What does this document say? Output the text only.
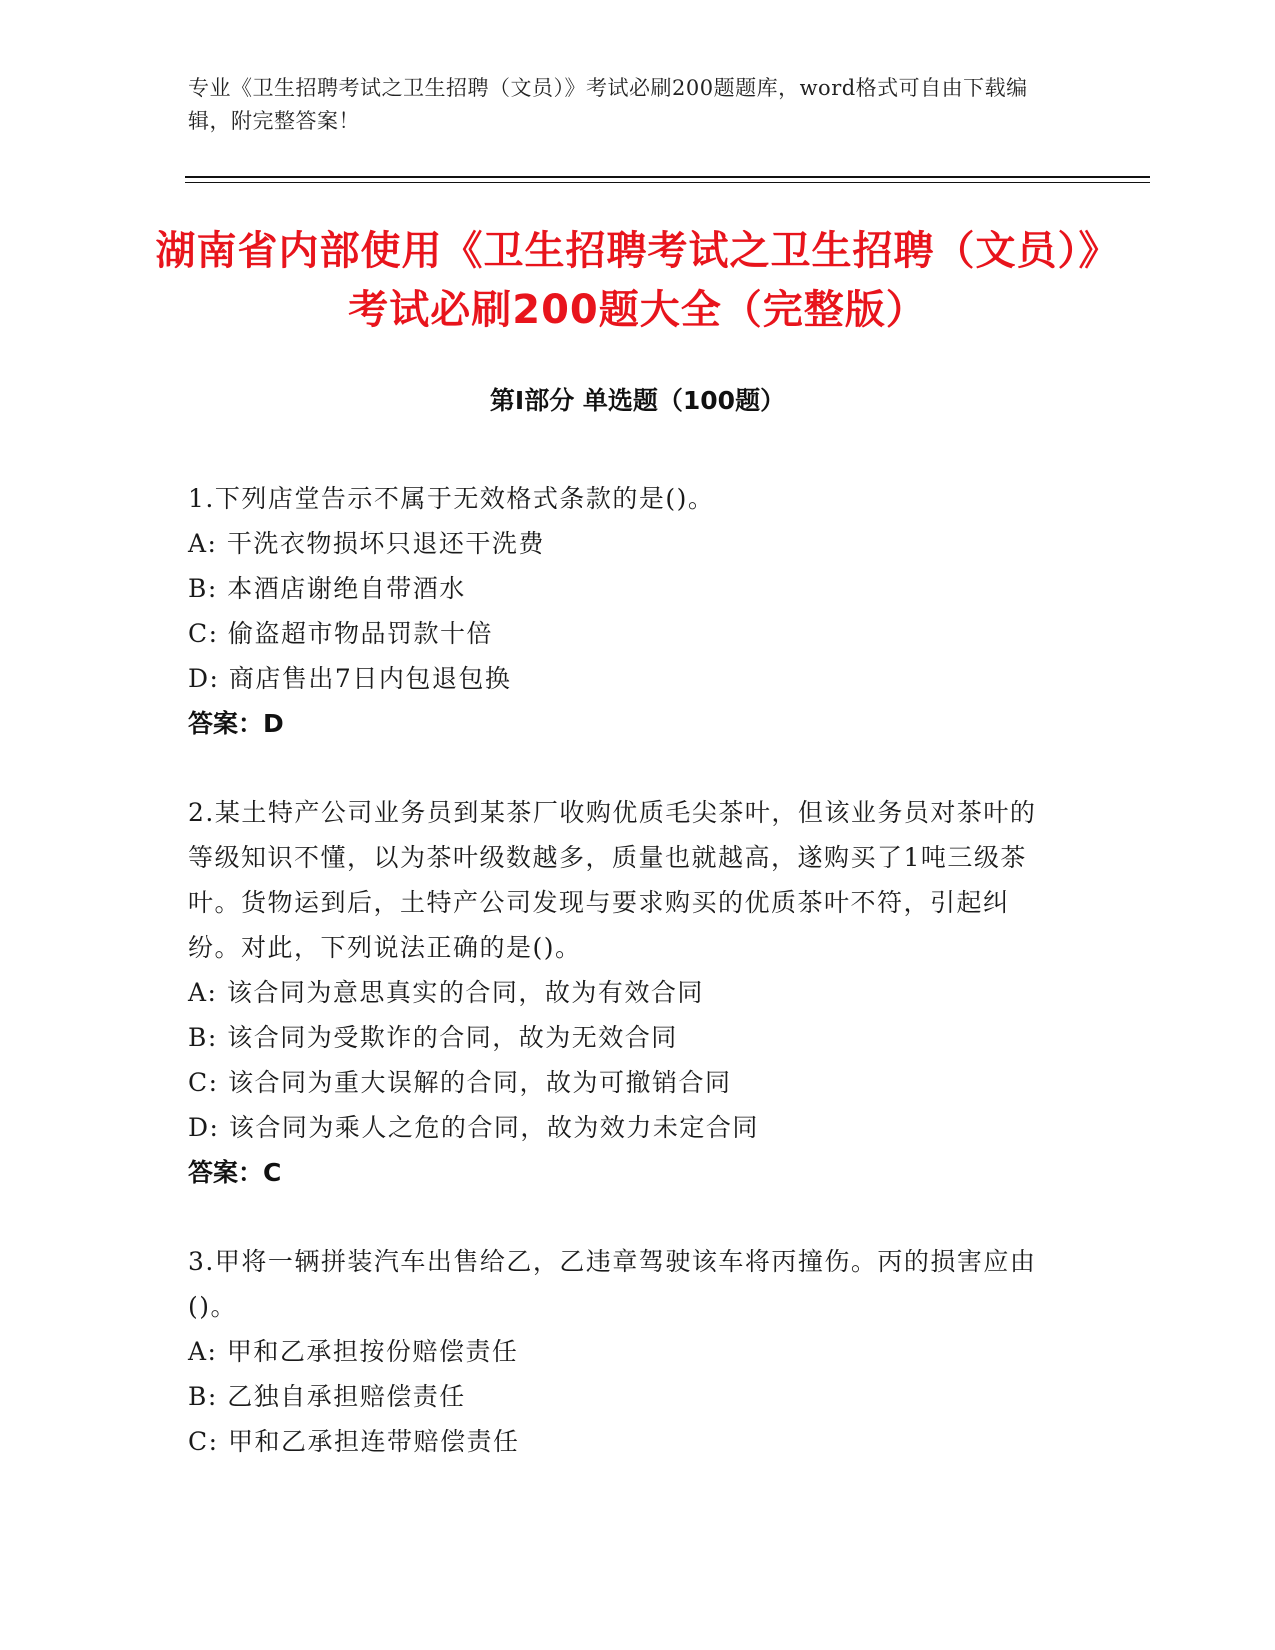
专业《卫生招聘考试之卫生招聘（文员）》考试必刷200题题库，word格式可自由下载编辑，附完整答案！
湖南省内部使用《卫生招聘考试之卫生招聘（文员）》考试必刷200题大全（完整版）
第Ⅰ部分 单选题（100题）

1.下列店堂告示不属于无效格式条款的是()。

A: 干洗衣物损坏只退还干洗费

B: 本酒店谢绝自带酒水

C: 偷盗超市物品罚款十倍

D: 商店售出7日内包退包换

答案：D

2.某土特产公司业务员到某茶厂收购优质毛尖茶叶，但该业务员对茶叶的等级知识不懂，以为茶叶级数越多，质量也就越高，遂购买了1吨三级茶叶。货物运到后，土特产公司发现与要求购买的优质茶叶不符，引起纠纷。对此，下列说法正确的是()。

A: 该合同为意思真实的合同，故为有效合同

B: 该合同为受欺诈的合同，故为无效合同

C: 该合同为重大误解的合同，故为可撤销合同

D: 该合同为乘人之危的合同，故为效力未定合同

答案：C

3.甲将一辆拼装汽车出售给乙，乙违章驾驶该车将丙撞伤。丙的损害应由()。

A: 甲和乙承担按份赔偿责任

B: 乙独自承担赔偿责任

C: 甲和乙承担连带赔偿责任
